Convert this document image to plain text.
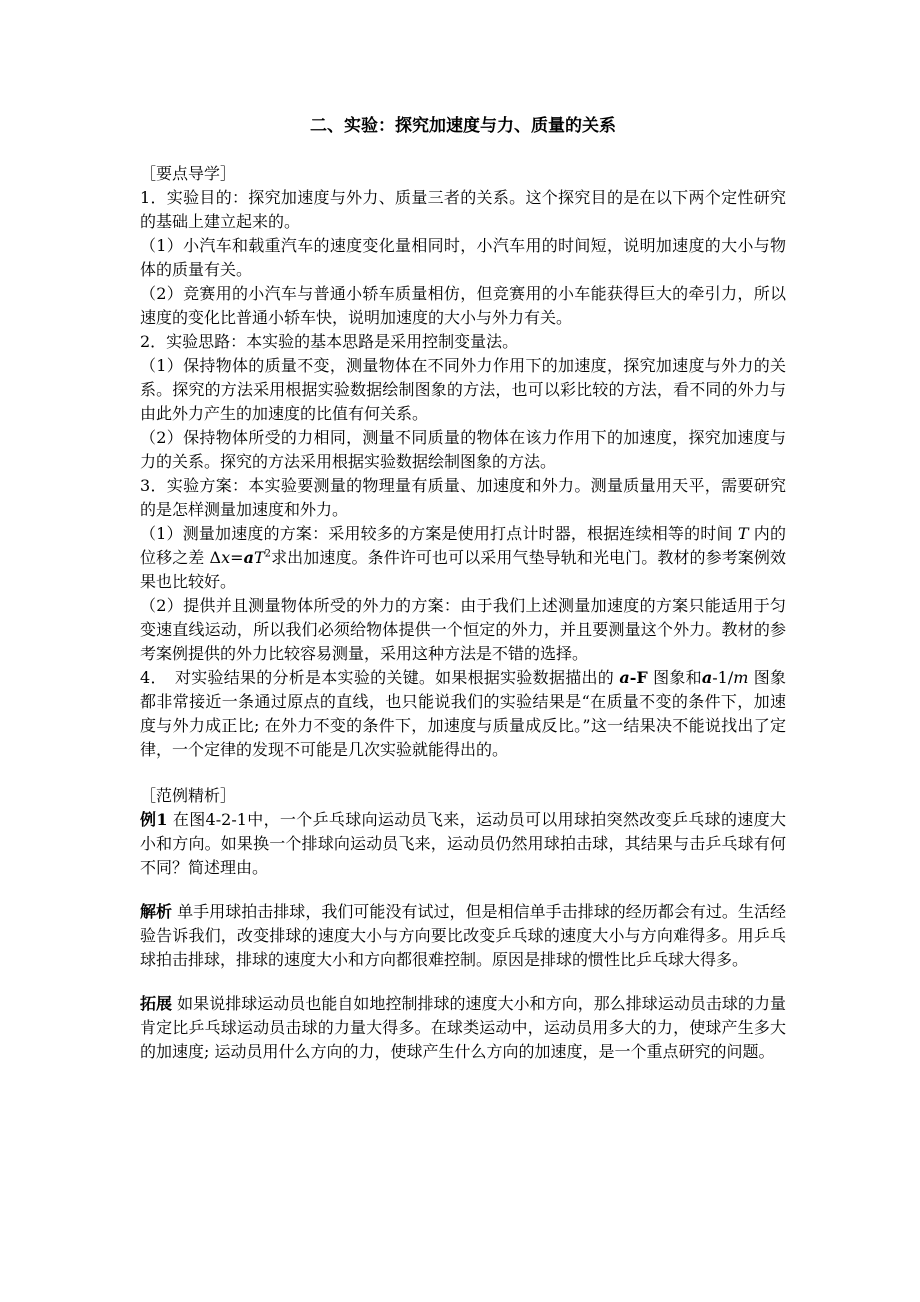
二、实验：探究加速度与力、质量的关系
［要点导学］

1．实验目的：探究加速度与外力、质量三者的关系。这个探究目的是在以下两个定性研究的基础上建立起来的。

（1）小汽车和载重汽车的速度变化量相同时，小汽车用的时间短，说明加速度的大小与物体的质量有关。

（2）竞赛用的小汽车与普通小轿车质量相仿，但竞赛用的小车能获得巨大的牵引力，所以速度的变化比普通小轿车快，说明加速度的大小与外力有关。

2．实验思路：本实验的基本思路是采用控制变量法。

（1）保持物体的质量不变，测量物体在不同外力作用下的加速度，探究加速度与外力的关系。探究的方法采用根据实验数据绘制图象的方法，也可以彩比较的方法，看不同的外力与由此外力产生的加速度的比值有何关系。

（2）保持物体所受的力相同，测量不同质量的物体在该力作用下的加速度，探究加速度与力的关系。探究的方法采用根据实验数据绘制图象的方法。

3．实验方案：本实验要测量的物理量有质量、加速度和外力。测量质量用天平，需要研究的是怎样测量加速度和外力。

（1）测量加速度的方案：采用较多的方案是使用打点计时器，根据连续相等的时间 T 内的位移之差 $\Delta x=aT^2$求出加速度。条件许可也可以采用气垫导轨和光电门。教材的参考案例效果也比较好。

（2）提供并且测量物体所受的外力的方案：由于我们上述测量加速度的方案只能适用于匀变速直线运动，所以我们必须给物体提供一个恒定的外力，并且要测量这个外力。教材的参考案例提供的外力比较容易测量，采用这种方法是不错的选择。

4．　对实验结果的分析是本实验的关键。如果根据实验数据描出的 a-F 图象和a-1/m 图象都非常接近一条通过原点的直线，也只能说我们的实验结果是“在质量不变的条件下，加速度与外力成正比; 在外力不变的条件下，加速度与质量成反比。”这一结果决不能说找出了定律，一个定律的发现不可能是几次实验就能得出的。

［范例精析］

例1 在图4-2-1中，一个乒乓球向运动员飞来，运动员可以用球拍突然改变乒乓球的速度大小和方向。如果换一个排球向运动员飞来，运动员仍然用球拍击球，其结果与击乒乓球有何不同？简述理由。

解析 单手用球拍击排球，我们可能没有试过，但是相信单手击排球的经历都会有过。生活经验告诉我们，改变排球的速度大小与方向要比改变乒乓球的速度大小与方向难得多。用乒乓球拍击排球，排球的速度大小和方向都很难控制。原因是排球的惯性比乒乓球大得多。

拓展 如果说排球运动员也能自如地控制排球的速度大小和方向，那么排球运动员击球的力量肯定比乒乓球运动员击球的力量大得多。在球类运动中，运动员用多大的力，使球产生多大的加速度; 运动员用什么方向的力，使球产生什么方向的加速度，是一个重点研究的问题。
